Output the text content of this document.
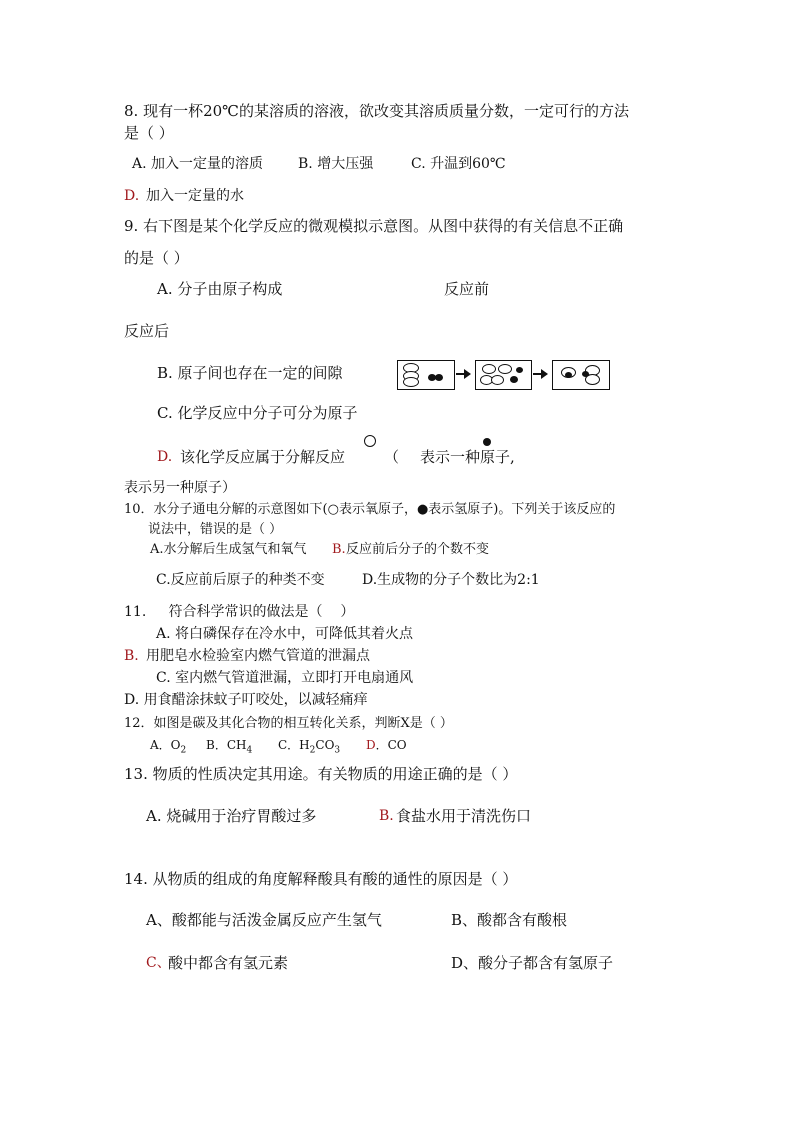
8. 现有一杯20℃的某溶质的溶液，欲改变其溶质质量分数，一定可行的方法
是（ ）
A. 加入一定量的溶质 B. 增大压强	C. 升温到60℃
D. 加入一定量的水
9. 右下图是某个化学反应的微观模拟示意图。从图中获得的有关信息不正确
的是（ ）
A. 分子由原子构成	反应前
反应后
B. 原子间也存在一定的间隙
C. 化学反应中分子可分为原子
D. 该化学反应属于分解反应	（ 表示一种原子,
表示另一种原子）
10．水分子通电分解的示意图如下(○表示氧原子，●表示氢原子)。下列关于该反应的
说法中，错误的是（ ）
A.水分解后生成氢气和氧气 B. 反应前后分子的个数不变
C.反应前后原子的种类不变	D.生成物的分子个数比为2:1
11.     符合科学常识的做法是（    ）
A. 将白磷保存在冷水中，可降低其着火点
B. 用肥皂水检验室内燃气管道的泄漏点
C. 室内燃气管道泄漏，立即打开电扇通风
D. 用食醋涂抹蚊子叮咬处，以减轻痛痒
12．如图是碳及其化合物的相互转化关系，判断X是（ ）
A．$O_2$ B．$CH_4$ C．$H_2CO_3$ D．CO
13. 物质的性质决定其用途。有关物质的用途正确的是（ ）
A. 烧碱用于治疗胃酸过多	B. 食盐水用于清洗伤口
14. 从物质的组成的角度解释酸具有酸的通性的原因是（ ）
A、酸都能与活泼金属反应产生氢气	B、酸都含有酸根
C、
酸中都含有氢元素	D、酸分子都含有氢原子
